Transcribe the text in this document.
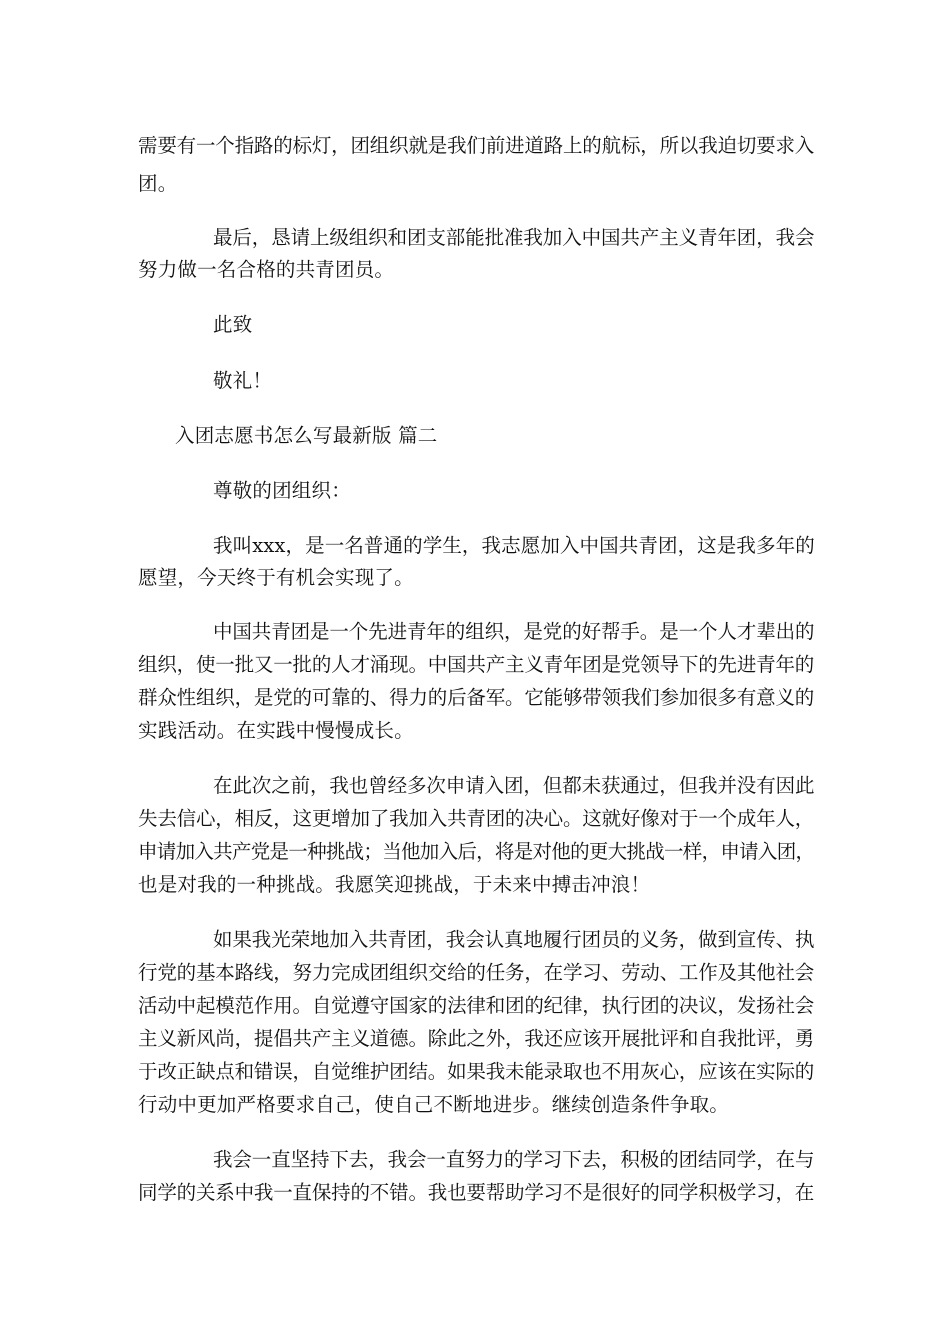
需要有一个指路的标灯，团组织就是我们前进道路上的航标，所以我迫切要求入
团。
最后，恳请上级组织和团支部能批准我加入中国共产主义青年团，我会
努力做一名合格的共青团员。
此致
敬礼！
入团志愿书怎么写最新版 篇二
尊敬的团组织：
我叫xxx，是一名普通的学生，我志愿加入中国共青团，这是我多年的
愿望，今天终于有机会实现了。
中国共青团是一个先进青年的组织，是党的好帮手。是一个人才辈出的
组织，使一批又一批的人才涌现。中国共产主义青年团是党领导下的先进青年的
群众性组织，是党的可靠的、得力的后备军。它能够带领我们参加很多有意义的
实践活动。在实践中慢慢成长。
在此次之前，我也曾经多次申请入团，但都未获通过，但我并没有因此
失去信心，相反，这更增加了我加入共青团的决心。这就好像对于一个成年人，
申请加入共产党是一种挑战；当他加入后，将是对他的更大挑战一样，申请入团，
也是对我的一种挑战。我愿笑迎挑战，于未来中搏击冲浪！
如果我光荣地加入共青团，我会认真地履行团员的义务，做到宣传、执
行党的基本路线，努力完成团组织交给的任务，在学习、劳动、工作及其他社会
活动中起模范作用。自觉遵守国家的法律和团的纪律，执行团的决议，发扬社会
主义新风尚，提倡共产主义道德。除此之外，我还应该开展批评和自我批评，勇
于改正缺点和错误，自觉维护团结。如果我未能录取也不用灰心，应该在实际的
行动中更加严格要求自己，使自己不断地进步。继续创造条件争取。
我会一直坚持下去，我会一直努力的学习下去，积极的团结同学，在与
同学的关系中我一直保持的不错。我也要帮助学习不是很好的同学积极学习，在
